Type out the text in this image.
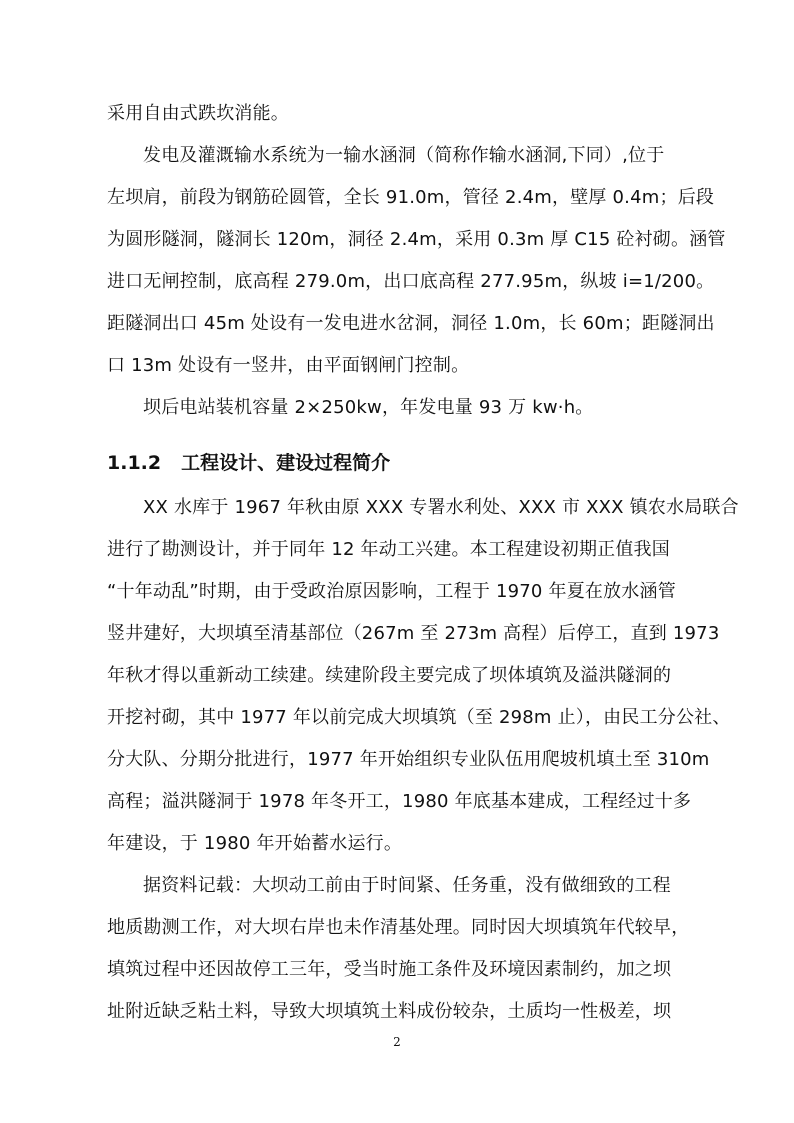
采用自由式跌坎消能。
发电及灌溉输水系统为一输水涵洞（简称作输水涵洞,下同）,位于
左坝肩，前段为钢筋砼圆管，全长 91.0m，管径 2.4m，壁厚 0.4m；后段
为圆形隧洞，隧洞长 120m，洞径 2.4m，采用 0.3m 厚 C15 砼衬砌。涵管
进口无闸控制，底高程 279.0m，出口底高程 277.95m，纵坡 i=1/200。
距隧洞出口 45m 处设有一发电进水岔洞，洞径 1.0m，长 60m；距隧洞出
口 13m 处设有一竖井，由平面钢闸门控制。
坝后电站装机容量 2×250kw，年发电量 93 万 kw·h。
1.1.2 工程设计、建设过程简介
XX 水库于 1967 年秋由原 XXX 专署水利处、XXX 市 XXX 镇农水局联合
进行了勘测设计，并于同年 12 年动工兴建。本工程建设初期正值我国
“十年动乱”时期，由于受政治原因影响，工程于 1970 年夏在放水涵管
竖井建好，大坝填至清基部位（267m 至 273m 高程）后停工，直到 1973
年秋才得以重新动工续建。续建阶段主要完成了坝体填筑及溢洪隧洞的
开挖衬砌，其中 1977 年以前完成大坝填筑（至 298m 止），由民工分公社、
分大队、分期分批进行，1977 年开始组织专业队伍用爬坡机填土至 310m
高程；溢洪隧洞于 1978 年冬开工，1980 年底基本建成，工程经过十多
年建设，于 1980 年开始蓄水运行。
据资料记载：大坝动工前由于时间紧、任务重，没有做细致的工程
地质勘测工作，对大坝右岸也未作清基处理。同时因大坝填筑年代较早，
填筑过程中还因故停工三年，受当时施工条件及环境因素制约，加之坝
址附近缺乏粘土料，导致大坝填筑土料成份较杂，土质均一性极差，坝
2
